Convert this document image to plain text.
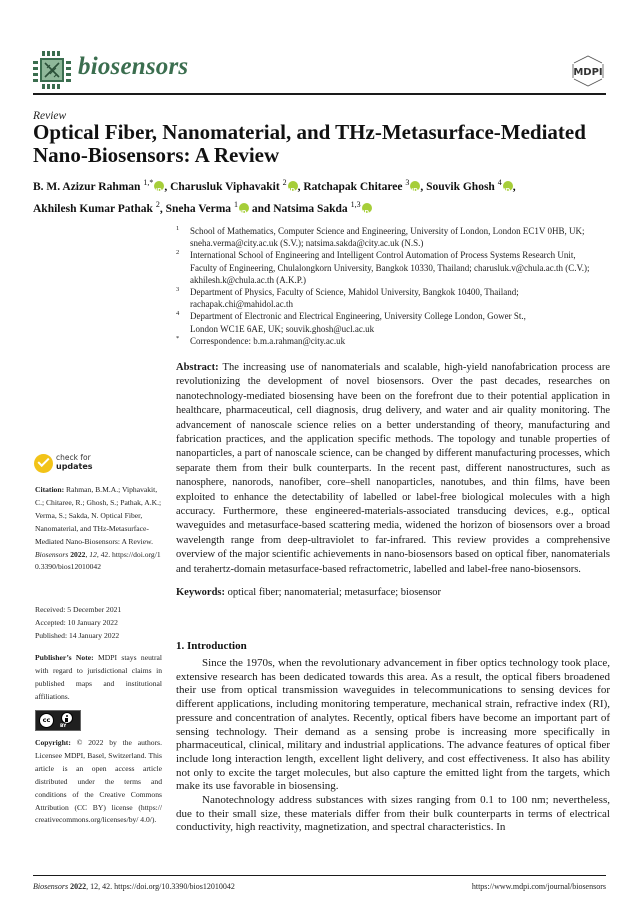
biosensors	MDPI
Review
Optical Fiber, Nanomaterial, and THz-Metasurface-Mediated
Nano-Biosensors: A Review
B. M. Azizur Rahman $^{1,*}$ iD , Charusluk Viphavakit $^2$ iD , Ratchapak Chitaree $^3$ iD , Souvik Ghosh $^4$ iD ,
Akhilesh Kumar Pathak $^2$, Sneha Verma $^1$iD and Natsima Sakda $^{1,3}$iD
1 School of Mathematics, Computer Science and Engineering, University of London, London EC1V 0HB, UK;
sneha.verma@city.ac.uk (S.V.); natsima.sakda@city.ac.uk (N.S.)
2 International School of Engineering and Intelligent Control Automation of Process Systems Research Unit,
Faculty of Engineering, Chulalongkorn University, Bangkok 10330, Thailand; charusluk.v@chula.ac.th (C.V.);
akhilesh.k@chula.ac.th (A.K.P.)
3 Department of Physics, Faculty of Science, Mahidol University, Bangkok 10400, Thailand;
rachapak.chi@mahidol.ac.th
4 Department of Electronic and Electrical Engineering, University College London, Gower St.,
London WC1E 6AE, UK; souvik.ghosh@ucl.ac.uk
* Correspondence: b.m.a.rahman@city.ac.uk
Abstract: The increasing use of nanomaterials and scalable, high-yield nanofabrication process are revolutionizing the development of novel biosensors. Over the past decades, researches on nanotechnology-mediated biosensing have been on the forefront due to their potential application in healthcare, pharmaceutical, cell diagnosis, drug delivery, and water and air quality monitoring. The advancement of nanoscale science relies on a better understanding of theory, manufacturing and fabrication practices, and the application specific methods. The topology and tunable properties of nanoparticles, a part of nanoscale science, can be changed by different manufacturing processes, which separate them from their bulk counterparts. In the recent past, different nanostructures, such as nanosphere, nanorods, nanofiber, core–shell nanoparticles, nanotubes, and thin films, have been exploited to enhance the detectability of labelled or label-free biological molecules with a high accuracy. Furthermore, these engineered-materials-associated transducing devices, e.g., optical waveguides and metasurface-based scattering media, widened the horizon of biosensors over a broad wavelength range from deep-ultraviolet to far-infrared. This review provides a comprehensive overview of the major scientific achievements in nano-biosensors based on optical fiber, nanomaterials and terahertz-domain metasurface-based refractometric, labelled and label-free nano-biosensors.
Keywords: optical fiber; nanomaterial; metasurface; biosensor
1. Introduction

Since the 1970s, when the revolutionary advancement in fiber optics technology took place, extensive research has been dedicated towards this area. As a result, the optical fibers broadened their use from optical transmission waveguides in telecommunications to sensing devices for different applications, including monitoring temperature, mechanical strain, refractive index (RI), pressure and concentration of analytes. Recently, optical fibers have become an important part of sensing technology. Their demand as a sensing probe is increasing more specifically in pharmaceutical, clinical, military and industrial applications. The advance features of optical fiber include long interaction length, excellent light delivery, and cost effectiveness. It also has ability not only to excite the target molecules, but also capture the emitted light from the targets, which make its use favorable in biosensing.

Nanotechnology address substances with sizes ranging from 0.1 to 100 nm; nevertheless, due to their small size, these materials differ from their bulk counterparts in terms of electrical conductivity, high reactivity, magnetization, and spectral characteristics. In

check for
updates
Citation: Rahman, B.M.A.; Viphavakit, C.; Chitaree, R.; Ghosh, S.; Pathak, A.K.; Verma, S.; Sakda, N. Optical Fiber, Nanomaterial, and THz-Metasurface-Mediated Nano-Biosensors: A Review. Biosensors 2022, 12, 42. https://doi.org/10.3390/bios12010042
Received: 5 December 2021
Accepted: 10 January 2022
Published: 14 January 2022
Publisher’s Note: MDPI stays neutral with regard to jurisdictional claims in published maps and institutional affiliations.
cc
BY
Copyright: © 2022 by the authors. Licensee MDPI, Basel, Switzerland. This article is an open access article distributed under the terms and conditions of the Creative Commons Attribution (CC BY) license (https:// creativecommons.org/licenses/by/ 4.0/).
Biosensors 2022, 12, 42. https://doi.org/10.3390/bios12010042	https://www.mdpi.com/journal/biosensors
